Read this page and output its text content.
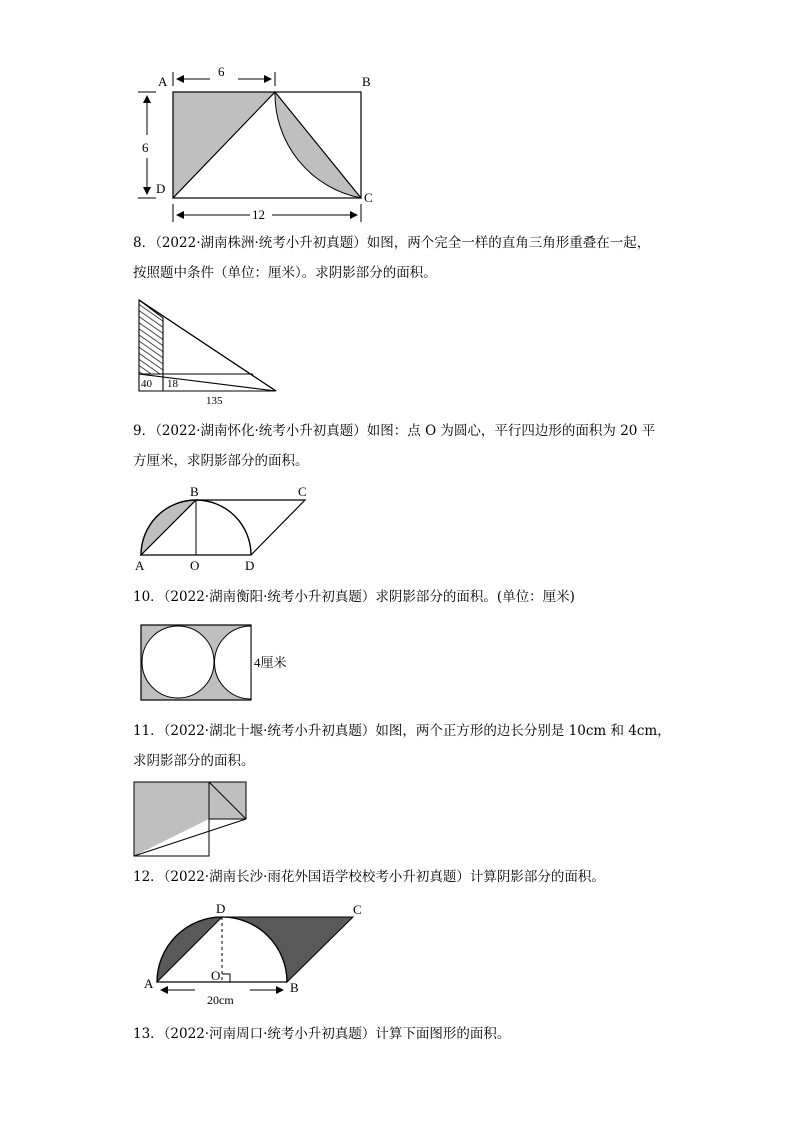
6
6
12
A	B
C
D
8．（2022·湖南株洲·统考小升初真题）如图，两个完全一样的直角三角形重叠在一起，
按照题中条件（单位：厘米）。求阴影部分的面积。
40 18
135
9．（2022·湖南怀化·统考小升初真题）如图：点 O 为圆心，平行四边形的面积为 20 平
方厘米，求阴影部分的面积。
A
B	C
D
O
10．（2022·湖南衡阳·统考小升初真题）求阴影部分的面积。(单位：厘米)
4厘米
11．（2022·湖北十堰·统考小升初真题）如图，两个正方形的边长分别是 10cm 和 4cm，
求阴影部分的面积。
12．（2022·湖南长沙·雨花外国语学校校考小升初真题）计算阴影部分的面积。
A	B
C
D
O
20cm
13．（2022·河南周口·统考小升初真题）计算下面图形的面积。
